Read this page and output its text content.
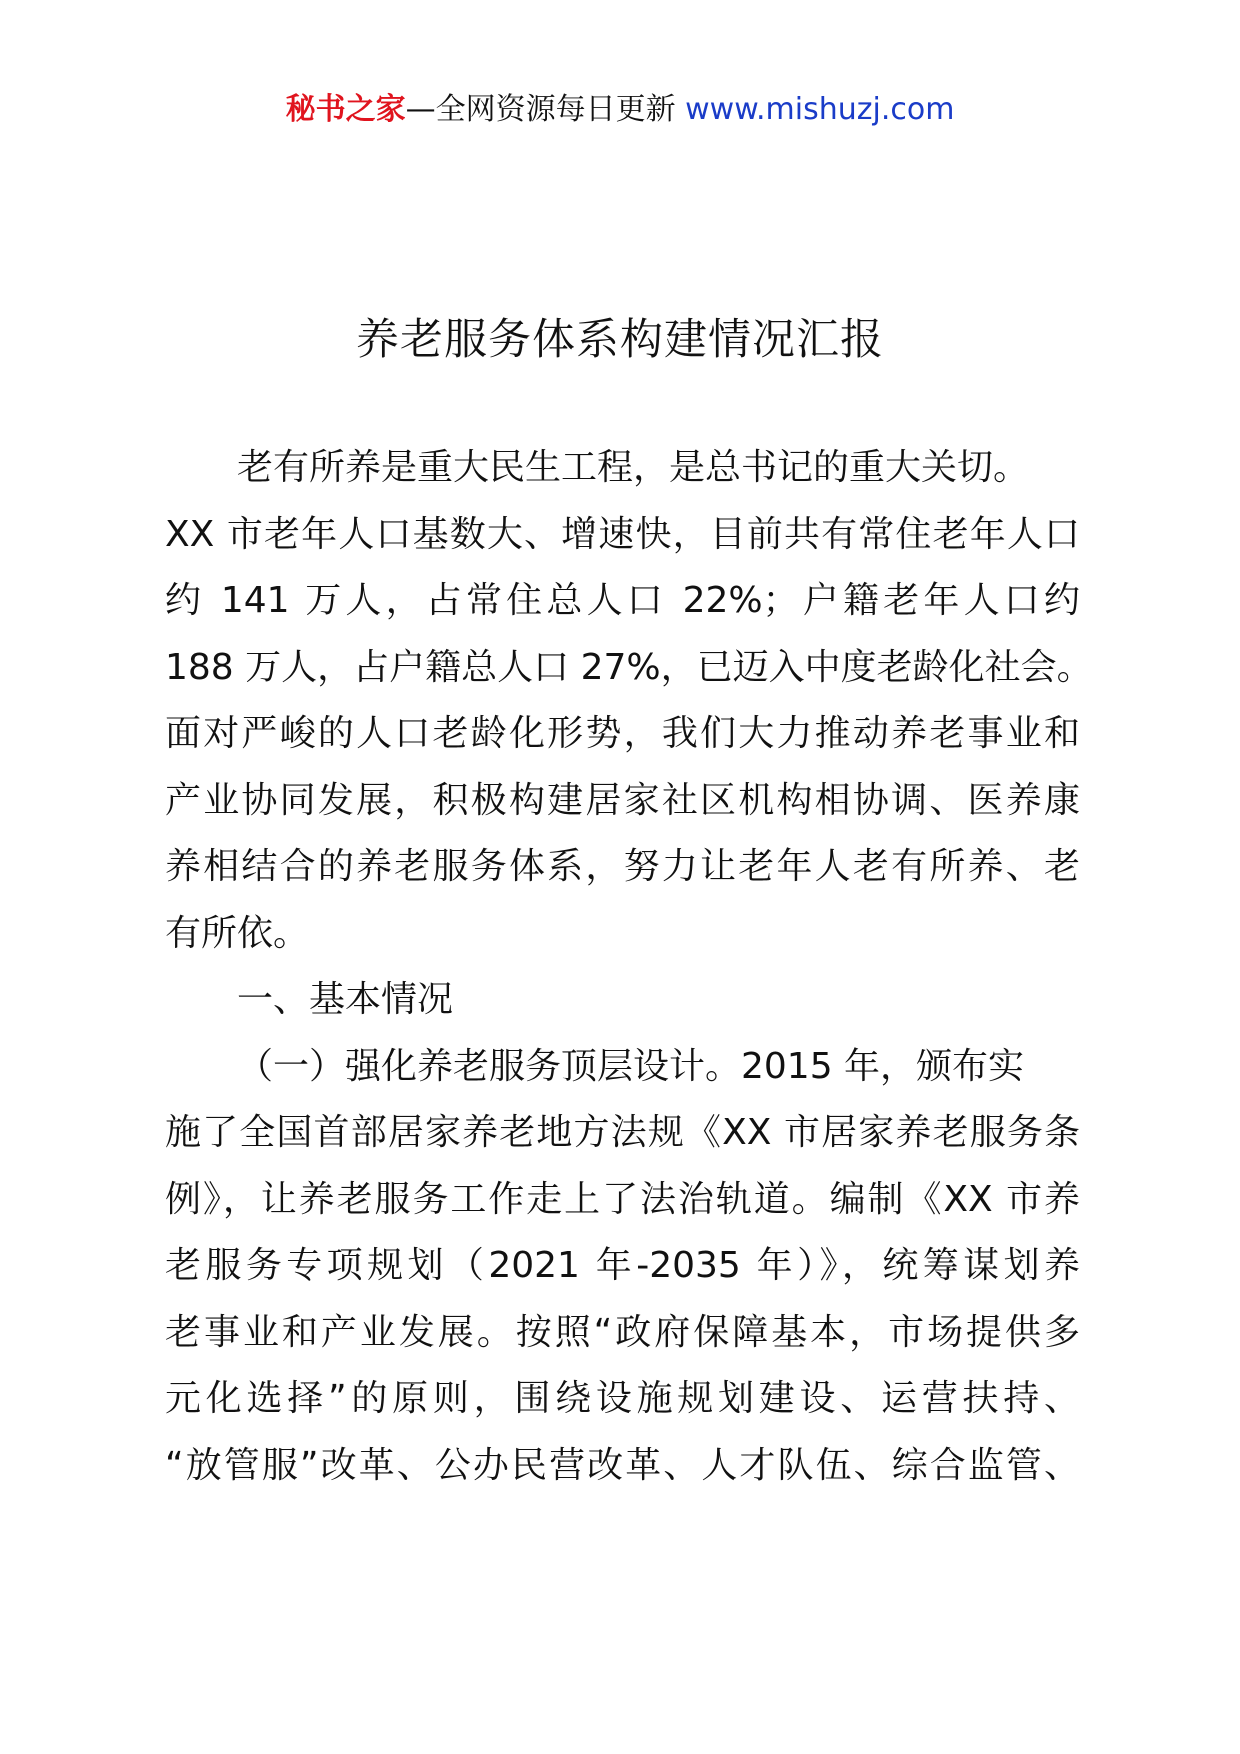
秘书之家—全网资源每日更新 www.mishuzj.com
养老服务体系构建情况汇报
老有所养是重大民生工程，是总书记的重大关切。
XX 市老年人口基数大、增速快，目前共有常住老年人口
约 141 万人，占常住总人口 22%；户籍老年人口约
188 万人，占户籍总人口 27%，已迈入中度老龄化社会。
面对严峻的人口老龄化形势，我们大力推动养老事业和
产业协同发展，积极构建居家社区机构相协调、医养康
养相结合的养老服务体系，努力让老年人老有所养、老
有所依。
一、基本情况
（一）强化养老服务顶层设计。2015 年，颁布实
施了全国首部居家养老地方法规《XX 市居家养老服务条
例》，让养老服务工作走上了法治轨道。编制《XX 市养
老服务专项规划（2021 年-2035 年）》，统筹谋划养
老事业和产业发展。按照“政府保障基本，市场提供多
元化选择”的原则，围绕设施规划建设、运营扶持、
“放管服”改革、公办民营改革、人才队伍、综合监管、
